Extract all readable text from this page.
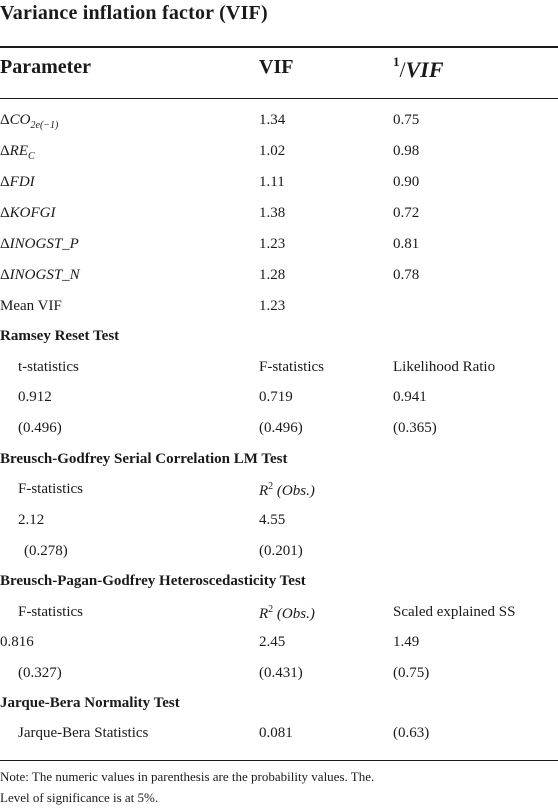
Variance inflation factor (VIF)
Parameter	VIF	$^1$/VIF
$\Delta CO_{2e(-1)}$	1.34	0.75
$\Delta RE_C$	1.02	0.98
ΔFDI	1.11	0.90
ΔKOFGI	1.38	0.72
ΔINOGST_P	1.23	0.81
ΔINOGST_N	1.28	0.78
Mean VIF	1.23
Ramsey Reset Test
t-statistics	F-statistics	Likelihood Ratio
0.912	0.719	0.941
(0.496)	(0.496)	(0.365)
Breusch-Godfrey Serial Correlation LM Test
F-statistics	$R^2$ (Obs.)
2.12	4.55
(0.278)	(0.201)
Breusch-Pagan-Godfrey Heteroscedasticity Test
F-statistics	$R^2$ (Obs.)	Scaled explained SS
0.816	2.45	1.49
(0.327)	(0.431)	(0.75)
Jarque-Bera Normality Test
Jarque-Bera Statistics	0.081	(0.63)
Note: The numeric values in parenthesis are the probability values. The.
Level of significance is at 5%.
